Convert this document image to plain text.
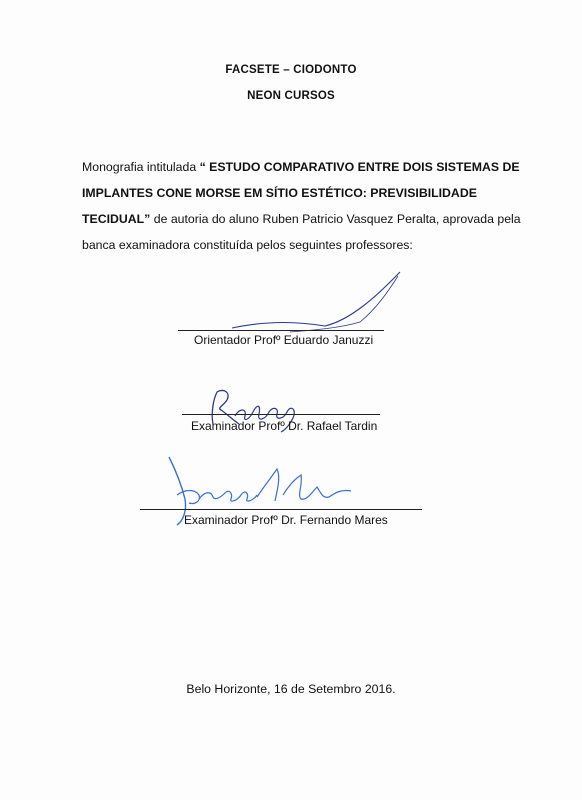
FACSETE – CIODONTO
NEON CURSOS
Monografia intitulada “ ESTUDO COMPARATIVO ENTRE DOIS SISTEMAS DE IMPLANTES CONE MORSE EM SÍTIO ESTÉTICO: PREVISIBILIDADE TECIDUAL” de autoria do aluno Ruben Patricio Vasquez Peralta, aprovada pela banca examinadora constituída pelos seguintes professores:
Orientador Profº Eduardo Januzzi
Examinador Profº Dr. Rafael Tardin
Examinador Profº Dr. Fernando Mares
Belo Horizonte, 16 de Setembro 2016.
